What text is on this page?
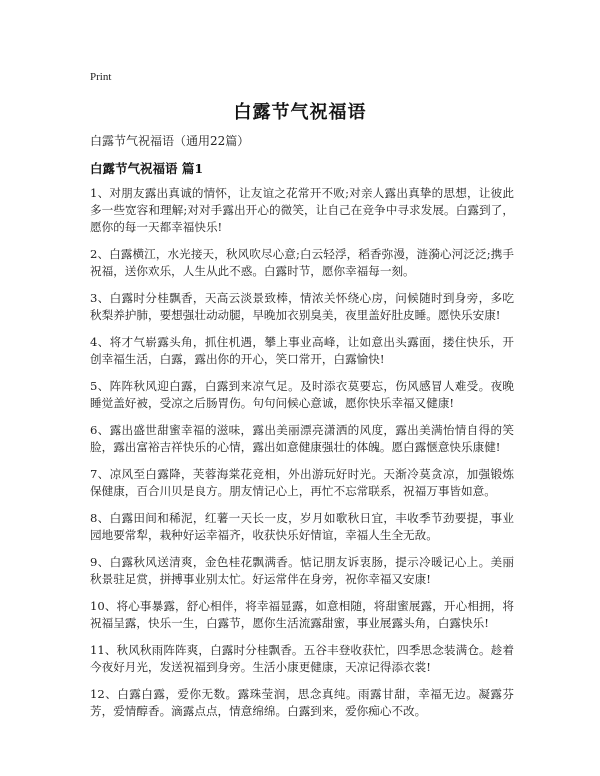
Print
白露节气祝福语
白露节气祝福语（通用22篇）
白露节气祝福语 篇1

1、对朋友露出真诚的情怀，让友谊之花常开不败;对亲人露出真挚的思想，让彼此多一些宽容和理解;对对手露出开心的微笑，让自己在竞争中寻求发展。白露到了，愿你的每一天都幸福快乐!

2、白露横江，水光接天，秋风吹尽心意;白云轻浮，稻香弥漫，涟漪心河泛泛;携手祝福，送你欢乐，人生从此不惑。白露时节，愿你幸福每一刻。

3、白露时分桂飘香，天高云淡景致棒，情浓关怀绕心房，问候随时到身旁，多吃秋梨养护肺，要想强壮动动腿，早晚加衣别臭美，夜里盖好肚皮睡。愿快乐安康!

4、将才气崭露头角，抓住机遇，攀上事业高峰，让如意出头露面，搂住快乐，开创幸福生活，白露，露出你的开心，笑口常开，白露愉快!

5、阵阵秋风迎白露，白露到来凉气足。及时添衣莫要忘，伤风感冒人难受。夜晚睡觉盖好被，受凉之后肠胃伤。句句问候心意诚，愿你快乐幸福又健康!

6、露出盛世甜蜜幸福的滋味，露出美丽漂亮潇洒的风度，露出美满怡情自得的笑脸，露出富裕吉祥快乐的心情，露出如意健康强壮的体魄。愿白露惬意快乐康健!

7、凉风至白露降，芙蓉海棠花竞相，外出游玩好时光。天渐冷莫贪凉，加强锻炼保健康，百合川贝是良方。朋友情记心上，再忙不忘常联系，祝福万事皆如意。

8、白露田间和稀泥，红薯一天长一皮，岁月如歌秋日宜，丰收季节劲要提，事业园地要常犁，栽种好运幸福齐，收获快乐好情谊，幸福人生全无敌。

9、白露秋风送清爽，金色桂花飘满香。惦记朋友诉衷肠，提示冷暖记心上。美丽秋景驻足赏，拼搏事业别太忙。好运常伴在身旁，祝你幸福又安康!

10、将心事暴露，舒心相伴，将幸福显露，如意相随，将甜蜜展露，开心相拥，将祝福呈露，快乐一生，白露节，愿你生活流露甜蜜，事业展露头角，白露快乐!

11、秋风秋雨阵阵爽，白露时分桂飘香。五谷丰登收获忙，四季思念装满仓。趁着今夜好月光，发送祝福到身旁。生活小康更健康，天凉记得添衣裳!

12、白露白露，爱你无数。露珠莹润，思念真纯。雨露甘甜，幸福无边。凝露芬芳，爱情醇香。滴露点点，情意绵绵。白露到来，爱你痴心不改。
